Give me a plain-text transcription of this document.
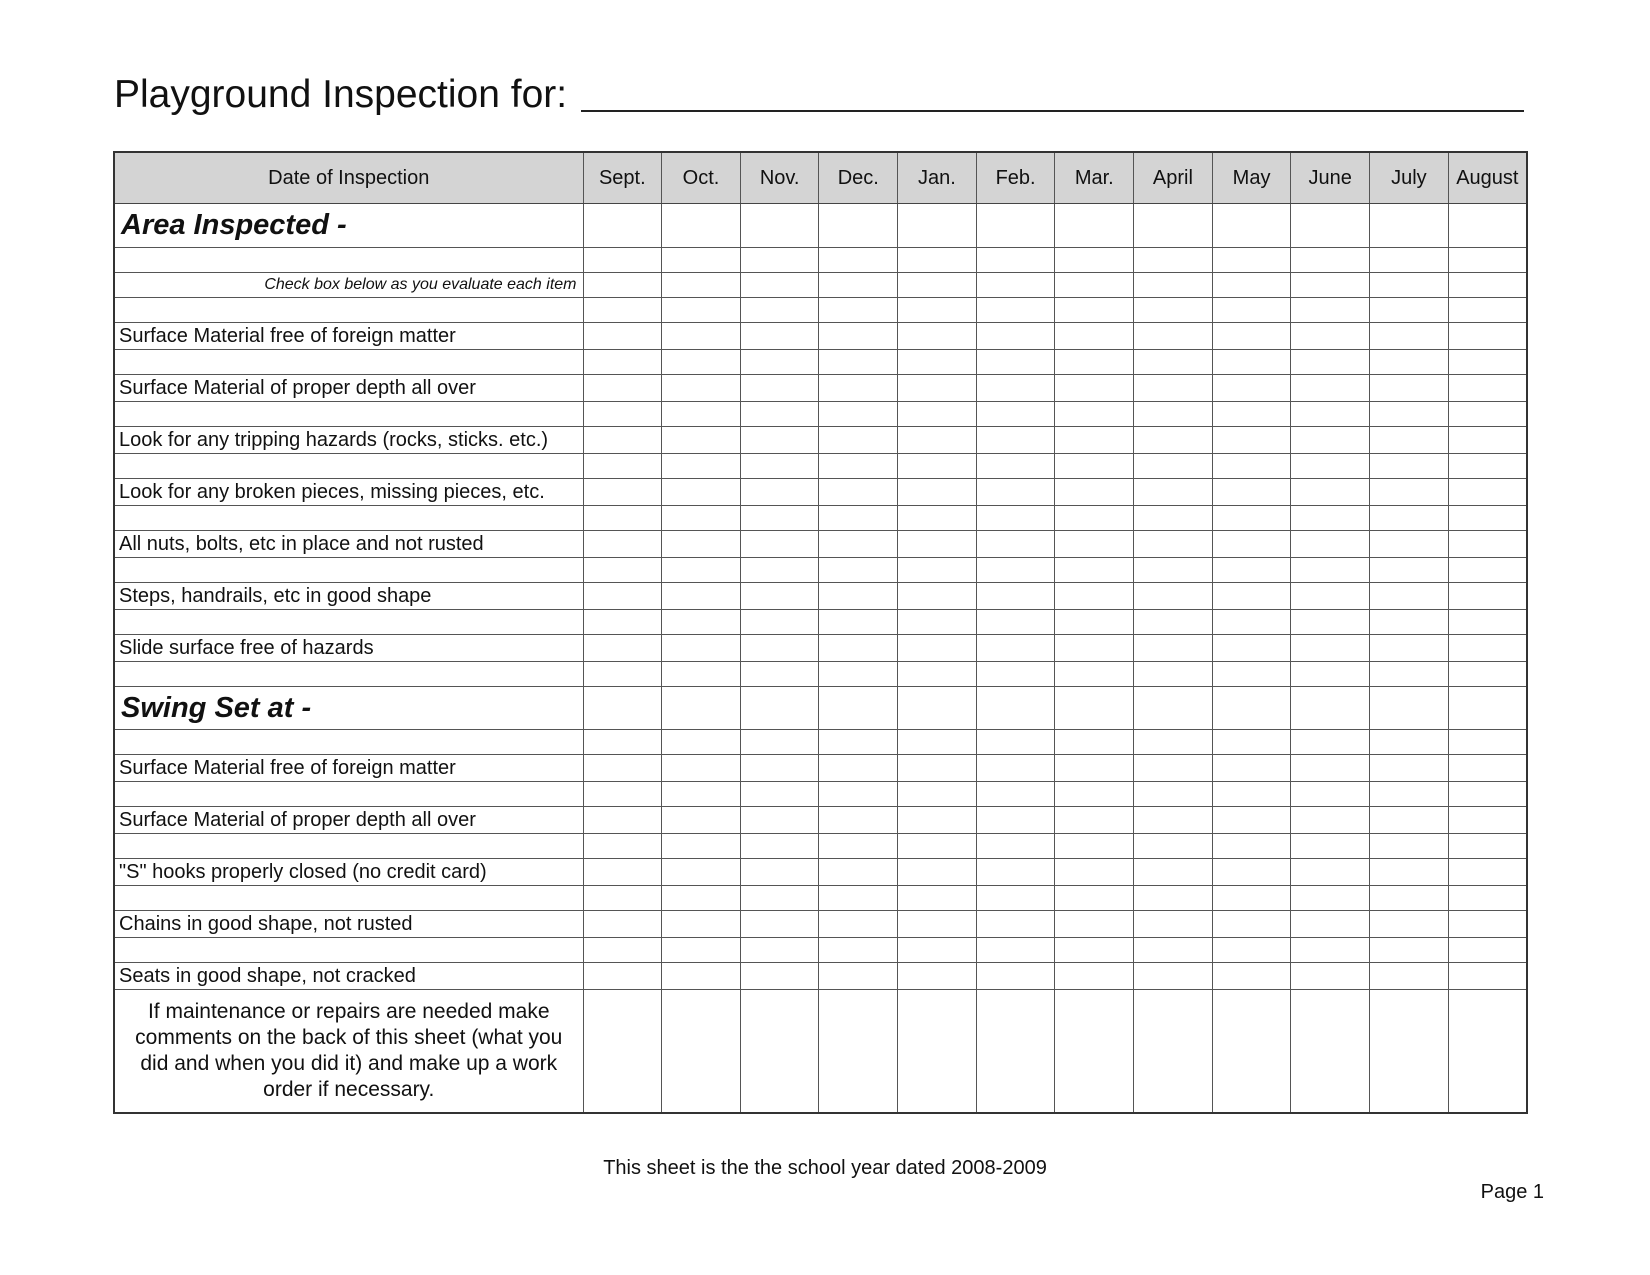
Playground Inspection for:
Date of Inspection	Sept.	Oct.	Nov.	Dec.	Jan.	Feb.	Mar.	April	May	June	July	August
Area Inspected -												

Check box below as you evaluate each item												

Surface Material free of foreign matter												

Surface Material of proper depth all over												

Look for any tripping hazards (rocks, sticks. etc.)												

Look for any broken pieces, missing pieces, etc.												

All nuts, bolts, etc in place and not rusted												

Steps, handrails, etc in good shape												

Slide surface free of hazards												

Swing Set at -												

Surface Material free of foreign matter												

Surface Material of proper depth all over												

"S" hooks properly closed (no credit card)												

Chains in good shape, not rusted												

Seats in good shape, not cracked												
If maintenance or repairs are needed make comments on the back of this sheet (what you did and when you did it) and make up a work order if necessary.												
This sheet is the the school year dated 2008-2009
Page 1
